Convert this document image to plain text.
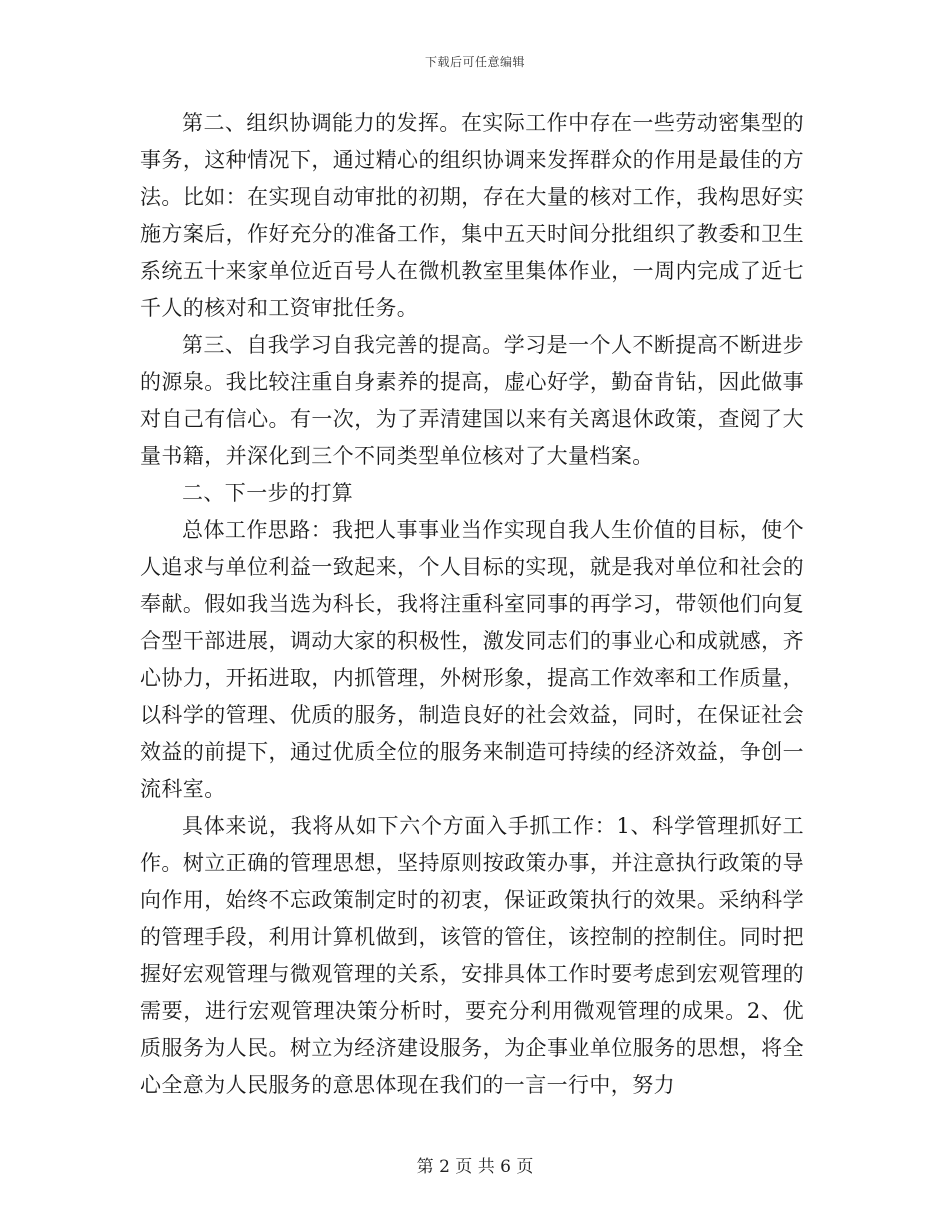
下载后可任意编辑

第二、组织协调能力的发挥。在实际工作中存在一些劳动密集型的事务，这种情况下，通过精心的组织协调来发挥群众的作用是最佳的方法。比如：在实现自动审批的初期，存在大量的核对工作，我构思好实施方案后，作好充分的准备工作，集中五天时间分批组织了教委和卫生系统五十来家单位近百号人在微机教室里集体作业，一周内完成了近七千人的核对和工资审批任务。

第三、自我学习自我完善的提高。学习是一个人不断提高不断进步的源泉。我比较注重自身素养的提高，虚心好学，勤奋肯钻，因此做事对自己有信心。有一次，为了弄清建国以来有关离退休政策，查阅了大量书籍，并深化到三个不同类型单位核对了大量档案。

二、下一步的打算

总体工作思路：我把人事事业当作实现自我人生价值的目标，使个人追求与单位利益一致起来，个人目标的实现，就是我对单位和社会的奉献。假如我当选为科长，我将注重科室同事的再学习，带领他们向复合型干部进展，调动大家的积极性，激发同志们的事业心和成就感，齐心协力，开拓进取，内抓管理，外树形象，提高工作效率和工作质量，以科学的管理、优质的服务，制造良好的社会效益，同时，在保证社会效益的前提下，通过优质全位的服务来制造可持续的经济效益，争创一流科室。

具体来说，我将从如下六个方面入手抓工作：1、科学管理抓好工作。树立正确的管理思想，坚持原则按政策办事，并注意执行政策的导向作用，始终不忘政策制定时的初衷，保证政策执行的效果。采纳科学的管理手段，利用计算机做到，该管的管住，该控制的控制住。同时把握好宏观管理与微观管理的关系，安排具体工作时要考虑到宏观管理的需要，进行宏观管理决策分析时，要充分利用微观管理的成果。2、优质服务为人民。树立为经济建设服务，为企事业单位服务的思想，将全心全意为人民服务的意思体现在我们的一言一行中，努力

第 2 页 共 6 页
